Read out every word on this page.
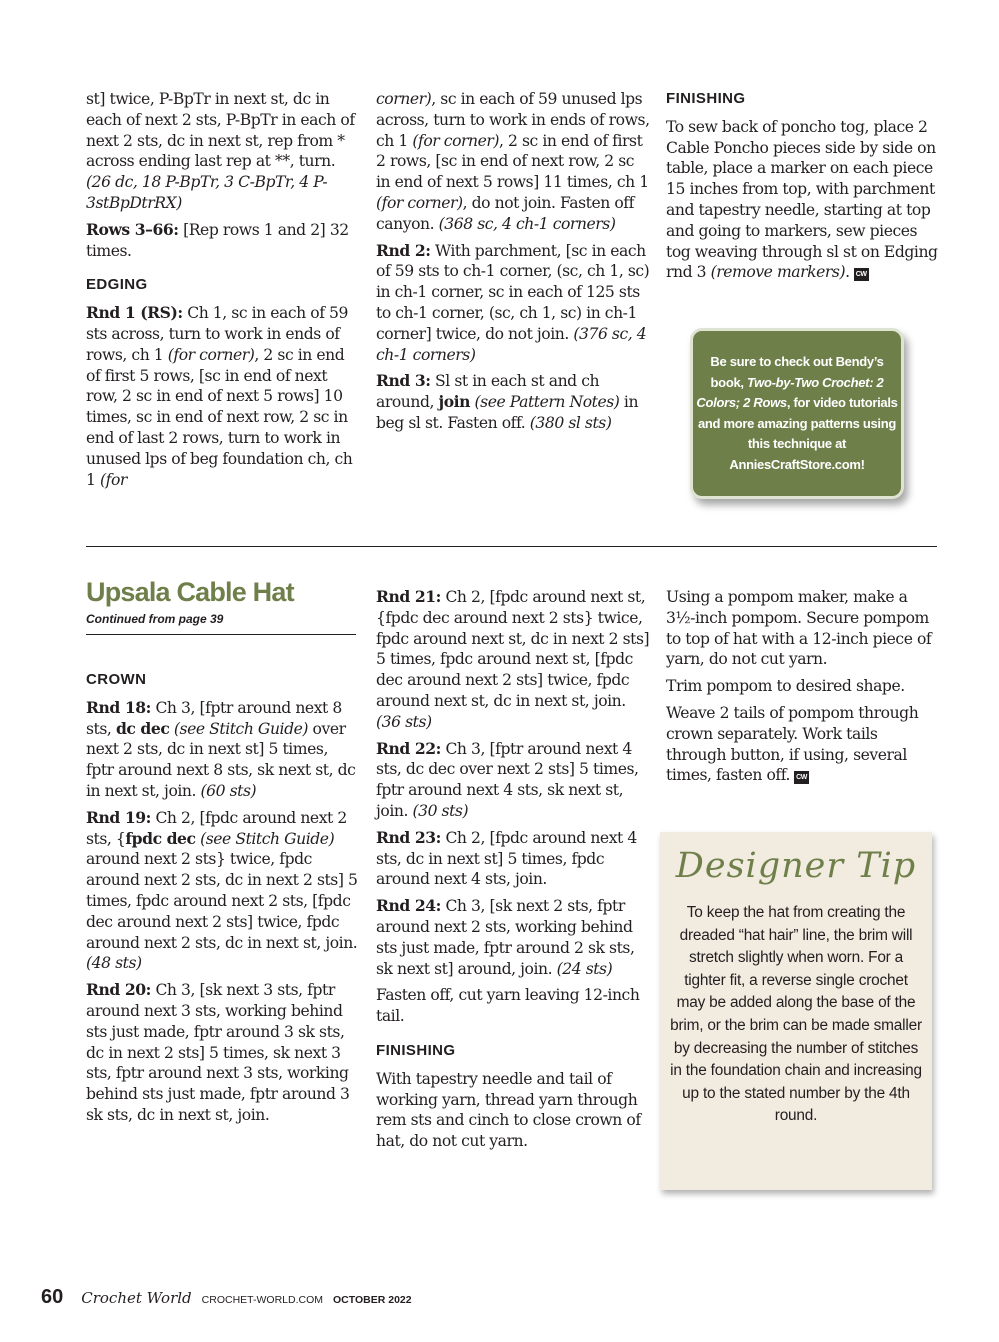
st] twice, P-BpTr in next st, dc in each of next 2 sts, P-BpTr in each of next 2 sts, dc in next st, rep from * across ending last rep at **, turn. (26 dc, 18 P-BpTr, 3 C-BpTr, 4 P-3stBpDtrRX)

Rows 3–66: [Rep rows 1 and 2] 32 times.

EDGING

Rnd 1 (RS): Ch 1, sc in each of 59 sts across, turn to work in ends of rows, ch 1 (for corner), 2 sc in end of first 5 rows, [sc in end of next row, 2 sc in end of next 5 rows] 10 times, sc in end of next row, 2 sc in end of last 2 rows, turn to work in unused lps of beg foundation ch, ch 1 (for

corner), sc in each of 59 unused lps across, turn to work in ends of rows, ch 1 (for corner), 2 sc in end of first 2 rows, [sc in end of next row, 2 sc in end of next 5 rows] 11 times, ch 1 (for corner), do not join. Fasten off canyon. (368 sc, 4 ch-1 corners)

Rnd 2: With parchment, [sc in each of 59 sts to ch-1 corner, (sc, ch 1, sc) in ch-1 corner, sc in each of 125 sts to ch-1 corner, (sc, ch 1, sc) in ch-1 corner] twice, do not join. (376 sc, 4 ch-1 corners)

Rnd 3: Sl st in each st and ch around, join (see Pattern Notes) in beg sl st. Fasten off. (380 sl sts)

FINISHING

To sew back of poncho tog, place 2 Cable Poncho pieces side by side on table, place a marker on each piece 15 inches from top, with parchment and tapestry needle, starting at top and going to markers, sew pieces tog weaving through sl st on Edging rnd 3 (remove markers). CW

Be sure to check out Bendy’s
book, Two-by-Two Crochet: 2 Colors; 2 Rows, for video tutorials and more amazing patterns using this technique at AnniesCraftStore.com!
Upsala Cable Hat
Continued from page 39
CROWN

Rnd 18: Ch 3, [fptr around next 8 sts, dc dec (see Stitch Guide) over next 2 sts, dc in next st] 5 times, fptr around next 8 sts, sk next st, dc in next st, join. (60 sts)

Rnd 19: Ch 2, [fpdc around next 2 sts, {fpdc dec (see Stitch Guide) around next 2 sts} twice, fpdc around next 2 sts, dc in next 2 sts] 5 times, fpdc around next 2 sts, [fpdc dec around next 2 sts] twice, fpdc around next 2 sts, dc in next st, join. (48 sts)

Rnd 20: Ch 3, [sk next 3 sts, fptr around next 3 sts, working behind sts just made, fptr around 3 sk sts, dc in next 2 sts] 5 times, sk next 3 sts, fptr around next 3 sts, working behind sts just made, fptr around 3 sk sts, dc in next st, join.

Rnd 21: Ch 2, [fpdc around next st, {fpdc dec around next 2 sts} twice, fpdc around next st, dc in next 2 sts] 5 times, fpdc around next st, [fpdc dec around next 2 sts] twice, fpdc around next st, dc in next st, join. (36 sts)

Rnd 22: Ch 3, [fptr around next 4 sts, dc dec over next 2 sts] 5 times, fptr around next 4 sts, sk next st, join. (30 sts)

Rnd 23: Ch 2, [fpdc around next 4 sts, dc in next st] 5 times, fpdc around next 4 sts, join.

Rnd 24: Ch 3, [sk next 2 sts, fptr around next 2 sts, working behind sts just made, fptr around 2 sk sts, sk next st] around, join. (24 sts)

Fasten off, cut yarn leaving 12-inch tail.

FINISHING

With tapestry needle and tail of working yarn, thread yarn through rem sts and cinch to close crown of hat, do not cut yarn.

Using a pompom maker, make a 3½-inch pompom. Secure pompom to top of hat with a 12-inch piece of yarn, do not cut yarn.

Trim pompom to desired shape.

Weave 2 tails of pompom through crown separately. Work tails through button, if using, several times, fasten off. CW

Designer Tip
To keep the hat from creating the dreaded “hat hair” line, the brim will stretch slightly when worn. For a tighter fit, a reverse single crochet may be added along the base of the brim, or the brim can be made smaller by decreasing the number of stitches in the foundation chain and increasing up to the stated number by the 4th round.
60 Crochet World CROCHET-WORLD.COM OCTOBER 2022
